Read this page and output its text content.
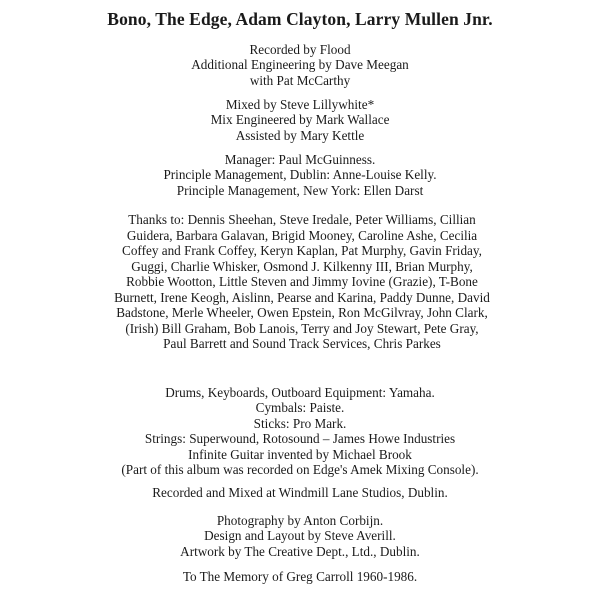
Bono, The Edge, Adam Clayton, Larry Mullen Jnr.
Recorded by Flood
Additional Engineering by Dave Meegan
with Pat McCarthy
Mixed by Steve Lillywhite*
Mix Engineered by Mark Wallace
Assisted by Mary Kettle
Manager: Paul McGuinness.
Principle Management, Dublin: Anne-Louise Kelly.
Principle Management, New York: Ellen Darst
Thanks to: Dennis Sheehan, Steve Iredale, Peter Williams, Cillian
Guidera, Barbara Galavan, Brigid Mooney, Caroline Ashe, Cecilia
Coffey and Frank Coffey, Keryn Kaplan, Pat Murphy, Gavin Friday,
Guggi, Charlie Whisker, Osmond J. Kilkenny III, Brian Murphy,
Robbie Wootton, Little Steven and Jimmy Iovine (Grazie), T-Bone
Burnett, Irene Keogh, Aislinn, Pearse and Karina, Paddy Dunne, David
Badstone, Merle Wheeler, Owen Epstein, Ron McGilvray, John Clark,
(Irish) Bill Graham, Bob Lanois, Terry and Joy Stewart, Pete Gray,
Paul Barrett and Sound Track Services, Chris Parkes
Drums, Keyboards, Outboard Equipment: Yamaha.
Cymbals: Paiste.
Sticks: Pro Mark.
Strings: Superwound, Rotosound – James Howe Industries
Infinite Guitar invented by Michael Brook
(Part of this album was recorded on Edge's Amek Mixing Console).
Recorded and Mixed at Windmill Lane Studios, Dublin.
Photography by Anton Corbijn.
Design and Layout by Steve Averill.
Artwork by The Creative Dept., Ltd., Dublin.
To The Memory of Greg Carroll 1960-1986.
